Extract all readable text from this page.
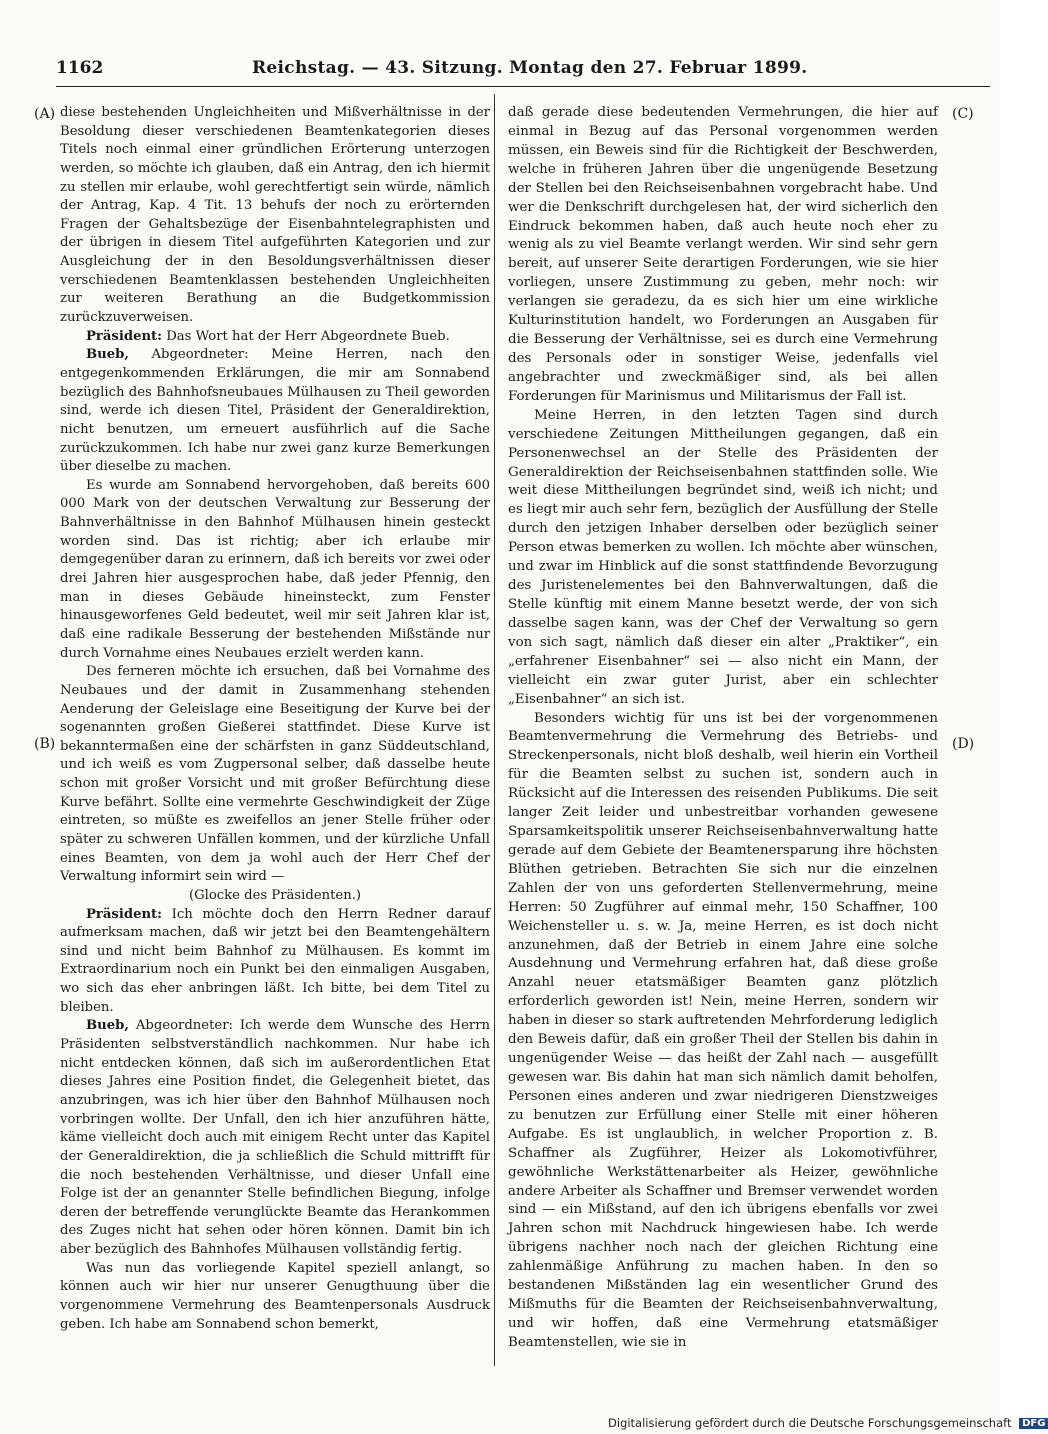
1162	Reichstag. — 43. Sitzung. Montag den 27. Februar 1899.
(A)
(B)
(C)
(D)

diese bestehenden Ungleichheiten und Mißverhältnisse in der Besoldung dieser verschiedenen Beamtenkategorien dieses Titels noch einmal einer gründlichen Erörterung unterzogen werden, so möchte ich glauben, daß ein Antrag, den ich hiermit zu stellen mir erlaube, wohl gerechtfertigt sein würde, nämlich der Antrag, Kap. 4 Tit. 13 behufs der noch zu erörternden Fragen der Gehaltsbezüge der Eisenbahntelegraphisten und der übrigen in diesem Titel aufgeführten Kategorien und zur Ausgleichung der in den Besoldungsverhältnissen dieser verschiedenen Beamtenklassen bestehenden Ungleichheiten zur weiteren Berathung an die Budgetkommission zurückzuverweisen.

Präsident: Das Wort hat der Herr Abgeordnete Bueb.

Bueb, Abgeordneter: Meine Herren, nach den entgegenkommenden Erklärungen, die mir am Sonnabend bezüglich des Bahnhofsneubaues Mülhausen zu Theil geworden sind, werde ich diesen Titel, Präsident der Generaldirektion, nicht benutzen, um erneuert ausführlich auf die Sache zurückzukommen. Ich habe nur zwei ganz kurze Bemerkungen über dieselbe zu machen.

Es wurde am Sonnabend hervorgehoben, daß bereits 600 000 Mark von der deutschen Verwaltung zur Besserung der Bahnverhältnisse in den Bahnhof Mülhausen hinein gesteckt worden sind. Das ist richtig; aber ich erlaube mir demgegenüber daran zu erinnern, daß ich bereits vor zwei oder drei Jahren hier ausgesprochen habe, daß jeder Pfennig, den man in dieses Gebäude hineinsteckt, zum Fenster hinausgeworfenes Geld bedeutet, weil mir seit Jahren klar ist, daß eine radikale Besserung der bestehenden Mißstände nur durch Vornahme eines Neubaues erzielt werden kann.

Des ferneren möchte ich ersuchen, daß bei Vornahme des Neubaues und der damit in Zusammenhang stehenden Aenderung der Geleislage eine Beseitigung der Kurve bei der sogenannten großen Gießerei stattfindet. Diese Kurve ist bekanntermaßen eine der schärfsten in ganz Süddeutschland, und ich weiß es vom Zugpersonal selber, daß dasselbe heute schon mit großer Vorsicht und mit großer Befürchtung diese Kurve befährt. Sollte eine vermehrte Geschwindigkeit der Züge eintreten, so müßte es zweifellos an jener Stelle früher oder später zu schweren Unfällen kommen, und der kürzliche Unfall eines Beamten, von dem ja wohl auch der Herr Chef der Verwaltung informirt sein wird —

(Glocke des Präsidenten.)

Präsident: Ich möchte doch den Herrn Redner darauf aufmerksam machen, daß wir jetzt bei den Beamtengehältern sind und nicht beim Bahnhof zu Mülhausen. Es kommt im Extraordinarium noch ein Punkt bei den einmaligen Ausgaben, wo sich das eher anbringen läßt. Ich bitte, bei dem Titel zu bleiben.

Bueb, Abgeordneter: Ich werde dem Wunsche des Herrn Präsidenten selbstverständlich nachkommen. Nur habe ich nicht entdecken können, daß sich im außerordentlichen Etat dieses Jahres eine Position findet, die Gelegenheit bietet, das anzubringen, was ich hier über den Bahnhof Mülhausen noch vorbringen wollte. Der Unfall, den ich hier anzuführen hätte, käme vielleicht doch auch mit einigem Recht unter das Kapitel der Generaldirektion, die ja schließlich die Schuld mittrifft für die noch bestehenden Verhältnisse, und dieser Unfall eine Folge ist der an genannter Stelle befindlichen Biegung, infolge deren der betreffende verunglückte Beamte das Herankommen des Zuges nicht hat sehen oder hören können. Damit bin ich aber bezüglich des Bahnhofes Mülhausen vollständig fertig.

Was nun das vorliegende Kapitel speziell anlangt, so können auch wir hier nur unserer Genugthuung über die vorgenommene Vermehrung des Beamtenpersonals Ausdruck geben. Ich habe am Sonnabend schon bemerkt,

daß gerade diese bedeutenden Vermehrungen, die hier auf einmal in Bezug auf das Personal vorgenommen werden müssen, ein Beweis sind für die Richtigkeit der Beschwerden, welche in früheren Jahren über die ungenügende Besetzung der Stellen bei den Reichseisenbahnen vorgebracht habe. Und wer die Denkschrift durchgelesen hat, der wird sicherlich den Eindruck bekommen haben, daß auch heute noch eher zu wenig als zu viel Beamte verlangt werden. Wir sind sehr gern bereit, auf unserer Seite derartigen Forderungen, wie sie hier vorliegen, unsere Zustimmung zu geben, mehr noch: wir verlangen sie geradezu, da es sich hier um eine wirkliche Kulturinstitution handelt, wo Forderungen an Ausgaben für die Besserung der Verhältnisse, sei es durch eine Vermehrung des Personals oder in sonstiger Weise, jedenfalls viel angebrachter und zweckmäßiger sind, als bei allen Forderungen für Marinismus und Militarismus der Fall ist.

Meine Herren, in den letzten Tagen sind durch verschiedene Zeitungen Mittheilungen gegangen, daß ein Personenwechsel an der Stelle des Präsidenten der Generaldirektion der Reichseisenbahnen stattfinden solle. Wie weit diese Mittheilungen begründet sind, weiß ich nicht; und es liegt mir auch sehr fern, bezüglich der Ausfüllung der Stelle durch den jetzigen Inhaber derselben oder bezüglich seiner Person etwas bemerken zu wollen. Ich möchte aber wünschen, und zwar im Hinblick auf die sonst stattfindende Bevorzugung des Juristenelementes bei den Bahnverwaltungen, daß die Stelle künftig mit einem Manne besetzt werde, der von sich dasselbe sagen kann, was der Chef der Verwaltung so gern von sich sagt, nämlich daß dieser ein alter „Praktiker“, ein „erfahrener Eisenbahner“ sei — also nicht ein Mann, der vielleicht ein zwar guter Jurist, aber ein schlechter „Eisenbahner“ an sich ist.

Besonders wichtig für uns ist bei der vorgenommenen Beamtenvermehrung die Vermehrung des Betriebs- und Streckenpersonals, nicht bloß deshalb, weil hierin ein Vortheil für die Beamten selbst zu suchen ist, sondern auch in Rücksicht auf die Interessen des reisenden Publikums. Die seit langer Zeit leider und unbestreitbar vorhanden gewesene Sparsamkeitspolitik unserer Reichseisenbahnverwaltung hatte gerade auf dem Gebiete der Beamtenersparung ihre höchsten Blüthen getrieben. Betrachten Sie sich nur die einzelnen Zahlen der von uns geforderten Stellenvermehrung, meine Herren: 50 Zugführer auf einmal mehr, 150 Schaffner, 100 Weichensteller u. s. w. Ja, meine Herren, es ist doch nicht anzunehmen, daß der Betrieb in einem Jahre eine solche Ausdehnung und Vermehrung erfahren hat, daß diese große Anzahl neuer etatsmäßiger Beamten ganz plötzlich erforderlich geworden ist! Nein, meine Herren, sondern wir haben in dieser so stark auftretenden Mehrforderung lediglich den Beweis dafür, daß ein großer Theil der Stellen bis dahin in ungenügender Weise — das heißt der Zahl nach — ausgefüllt gewesen war. Bis dahin hat man sich nämlich damit beholfen, Personen eines anderen und zwar niedrigeren Dienstzweiges zu benutzen zur Erfüllung einer Stelle mit einer höheren Aufgabe. Es ist unglaublich, in welcher Proportion z. B. Schaffner als Zugführer, Heizer als Lokomotivführer, gewöhnliche Werkstättenarbeiter als Heizer, gewöhnliche andere Arbeiter als Schaffner und Bremser verwendet worden sind — ein Mißstand, auf den ich übrigens ebenfalls vor zwei Jahren schon mit Nachdruck hingewiesen habe. Ich werde übrigens nachher noch nach der gleichen Richtung eine zahlenmäßige Anführung zu machen haben. In den so bestandenen Mißständen lag ein wesentlicher Grund des Mißmuths für die Beamten der Reichseisenbahnverwaltung, und wir hoffen, daß eine Vermehrung etatsmäßiger Beamtenstellen, wie sie in

Digitalisierung gefördert durch die Deutsche Forschungsgemeinschaft DFG
